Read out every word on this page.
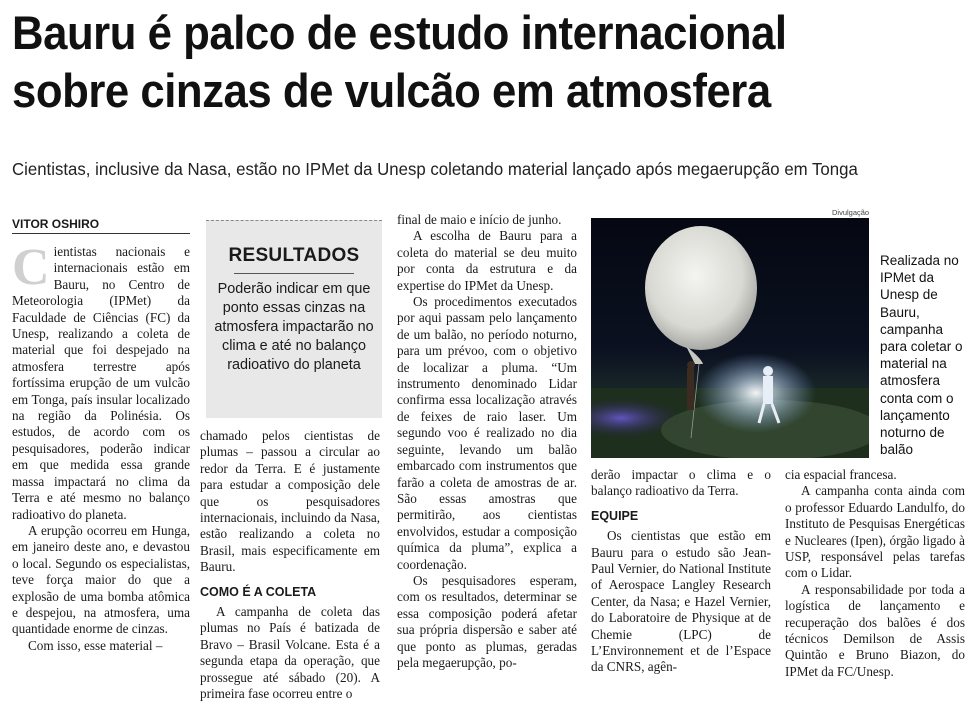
Bauru é palco de estudo internacional
sobre cinzas de vulcão em atmosfera
Cientistas, inclusive da Nasa, estão no IPMet da Unesp coletando material lançado após megaerupção em Tonga
VITOR OSHIRO

Cientistas nacionais e internacionais estão em Bauru, no Centro de Meteorologia (IPMet) da Faculdade de Ciências (FC) da Unesp, realizando a coleta de material que foi despejado na atmosfera terrestre após fortíssima erupção de um vulcão em Tonga, país insular localizado na região da Polinésia. Os estudos, de acordo com os pesquisadores, poderão indicar em que medida essa grande massa impactará no clima da Terra e até mesmo no balanço radioativo do planeta.

A erupção ocorreu em Hunga, em janeiro deste ano, e devastou o local. Segundo os especialistas, teve força maior do que a explosão de uma bomba atômica e despejou, na atmosfera, uma quantidade enorme de cinzas.

Com isso, esse material –

RESULTADOS
Poderão indicar em que ponto essas cinzas na atmosfera impactarão no clima e até no balanço radioativo do planeta

chamado pelos cientistas de plumas – passou a circular ao redor da Terra. E é justamente para estudar a composição dele que os pesquisadores internacionais, incluindo da Nasa, estão realizando a coleta no Brasil, mais especificamente em Bauru.

COMO É A COLETA

A campanha de coleta das plumas no País é batizada de Bravo – Brasil Volcane. Esta é a segunda etapa da operação, que prossegue até sábado (20). A primeira fase ocorreu entre o

final de maio e início de junho.

A escolha de Bauru para a coleta do material se deu muito por conta da estrutura e da expertise do IPMet da Unesp.

Os procedimentos executados por aqui passam pelo lançamento de um balão, no período noturno, para um prévoo, com o objetivo de localizar a pluma. “Um instrumento denominado Lidar confirma essa localização através de feixes de raio laser. Um segundo voo é realizado no dia seguinte, levando um balão embarcado com instrumentos que farão a coleta de amostras de ar. São essas amostras que permitirão, aos cientistas envolvidos, estudar a composição química da pluma”, explica a coordenação.

Os pesquisadores esperam, com os resultados, determinar se essa composição poderá afetar sua própria dispersão e saber até que ponto as plumas, geradas pela megaerupção, po-

Divulgação
Realizada no IPMet da Unesp de Bauru, campanha para coletar o material na atmosfera conta com o lançamento noturno de balão

derão impactar o clima e o balanço radioativo da Terra.

EQUIPE

Os cientistas que estão em Bauru para o estudo são Jean-Paul Vernier, do National Institute of Aerospace Langley Research Center, da Nasa; e Hazel Vernier, do Laboratoire de Physique at de Chemie (LPC) de L’Environnement et de l’Espace da CNRS, agên-

cia espacial francesa.

A campanha conta ainda com o professor Eduardo Landulfo, do Instituto de Pesquisas Energéticas e Nucleares (Ipen), órgão ligado à USP, responsável pelas tarefas com o Lidar.

A responsabilidade por toda a logística de lançamento e recuperação dos balões é dos técnicos Demilson de Assis Quintão e Bruno Biazon, do IPMet da FC/Unesp.
